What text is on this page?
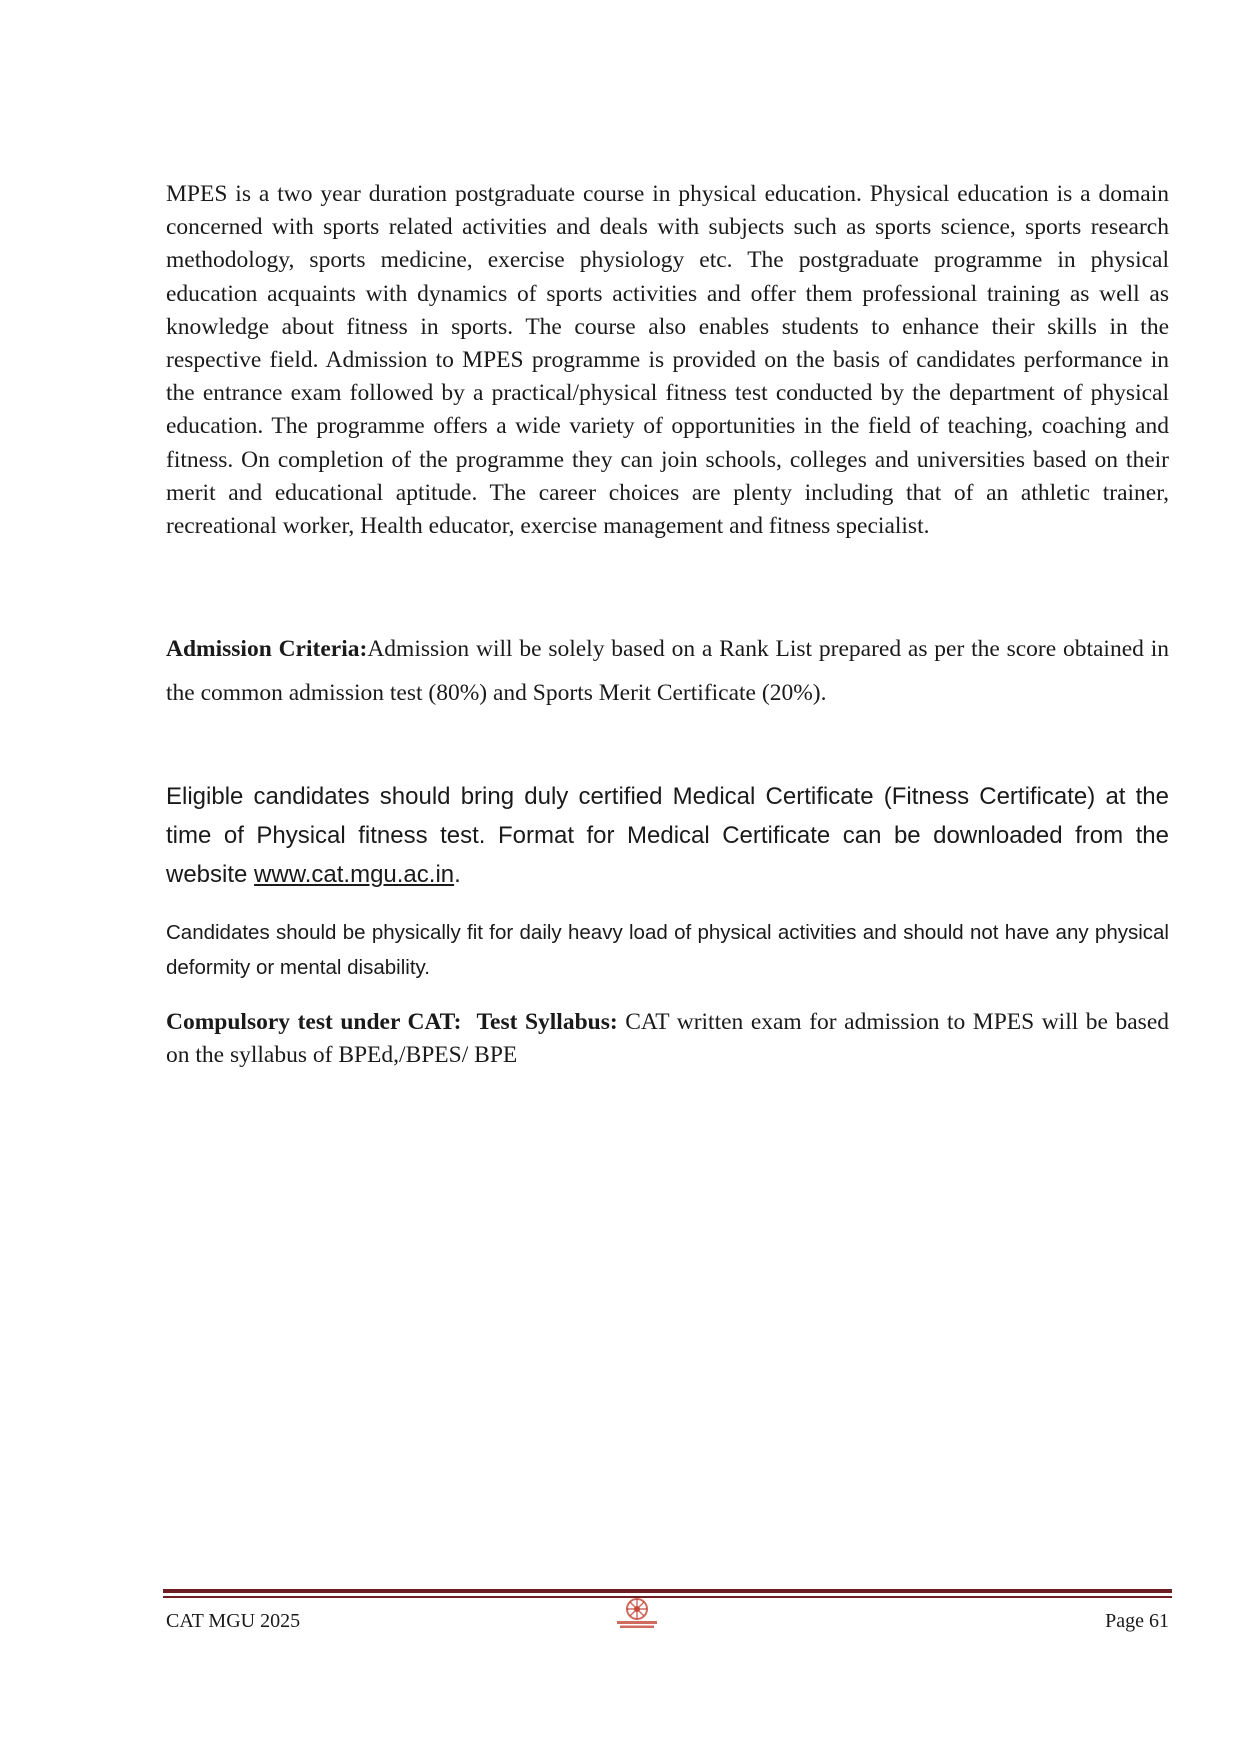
MPES is a two year duration postgraduate course in physical education. Physical education is a domain concerned with sports related activities and deals with subjects such as sports science, sports research methodology, sports medicine, exercise physiology etc. The postgraduate programme in physical education acquaints with dynamics of sports activities and offer them professional training as well as knowledge about fitness in sports. The course also enables students to enhance their skills in the respective field. Admission to MPES programme is provided on the basis of candidates performance in the entrance exam followed by a practical/physical fitness test conducted by the department of physical education. The programme offers a wide variety of opportunities in the field of teaching, coaching and fitness. On completion of the programme they can join schools, colleges and universities based on their merit and educational aptitude. The career choices are plenty including that of an athletic trainer, recreational worker, Health educator, exercise management and fitness specialist.

Admission Criteria:Admission will be solely based on a Rank List prepared as per the score obtained in the common admission test (80%) and Sports Merit Certificate (20%).

Eligible candidates should bring duly certified Medical Certificate (Fitness Certificate) at the time of Physical fitness test. Format for Medical Certificate can be downloaded from the website www.cat.mgu.ac.in.

Candidates should be physically fit for daily heavy load of physical activities and should not have any physical deformity or mental disability.

Compulsory test under CAT: Test Syllabus: CAT written exam for admission to MPES will be based on the syllabus of BPEd,/BPES/ BPE

CAT MGU 2025	Page 61
